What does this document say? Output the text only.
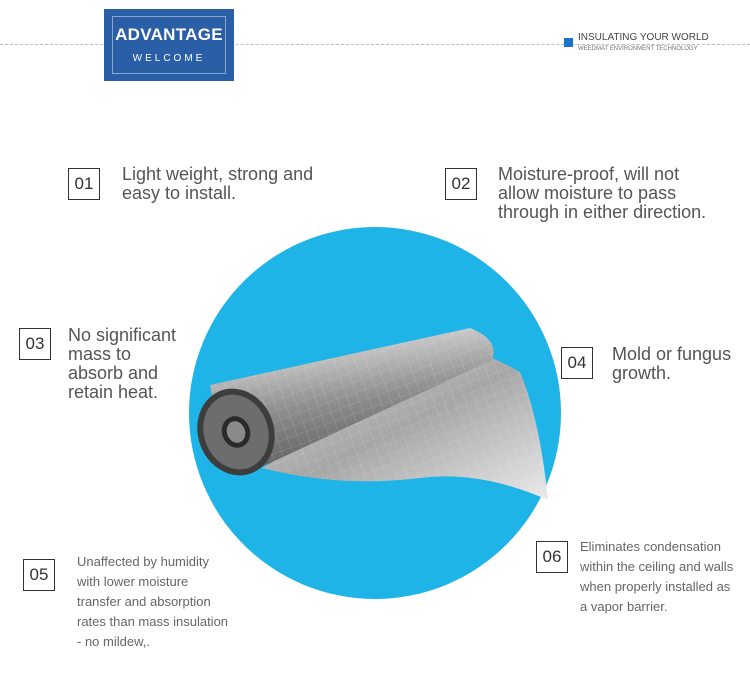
ADVANTAGE
WELCOME
INSULATING YOUR WORLD
WEEDMAT ENVIRONMENT TECHNOLOGY
01	Light weight, strong and
easy to install.	02	Moisture-proof, will not
allow moisture to pass
through in either direction.
03	No significant
mass to
absorb and
retain heat.
04	Mold or fungus
growth.
05
Unaffected by humidity
with lower moisture
transfer and absorption
rates than mass insulation
- no mildew,.
06
Eliminates condensation
within the ceiling and walls
when properly installed as
a vapor barrier.
